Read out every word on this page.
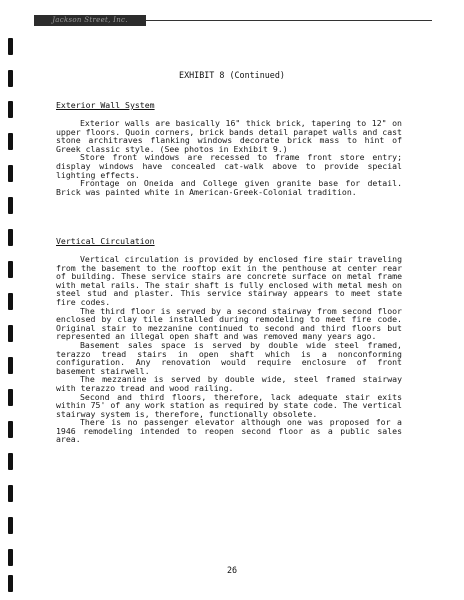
Jackson Street, Inc.
EXHIBIT 8 (Continued)
Exterior Wall System

Exterior walls are basically 16" thick brick, tapering to 12" on upper floors. Quoin corners, brick bands detail parapet walls and cast stone architraves flanking windows decorate brick mass to hint of Greek classic style. (See photos in Exhibit 9.)

Store front windows are recessed to frame front store entry; display windows have concealed cat-walk above to provide special lighting effects.

Frontage on Oneida and College given granite base for detail. Brick was painted white in American-Greek-Colonial tradition.

Vertical Circulation

Vertical circulation is provided by enclosed fire stair traveling from the basement to the rooftop exit in the penthouse at center rear of building. These service stairs are concrete surface on metal frame with metal rails. The stair shaft is fully enclosed with metal mesh on steel stud and plaster. This service stairway appears to meet state fire codes.

The third floor is served by a second stairway from second floor enclosed by clay tile installed during remodeling to meet fire code. Original stair to mezzanine continued to second and third floors but represented an illegal open shaft and was removed many years ago.

Basement sales space is served by double wide steel framed, terazzo tread stairs in open shaft which is a nonconforming configuration. Any renovation would require enclosure of front basement stairwell.

The mezzanine is served by double wide, steel framed stairway with terazzo tread and wood railing.

Second and third floors, therefore, lack adequate stair exits within 75' of any work station as required by state code. The vertical stairway system is, therefore, functionally obsolete.

There is no passenger elevator although one was proposed for a 1946 remodeling intended to reopen second floor as a public sales area.

26
